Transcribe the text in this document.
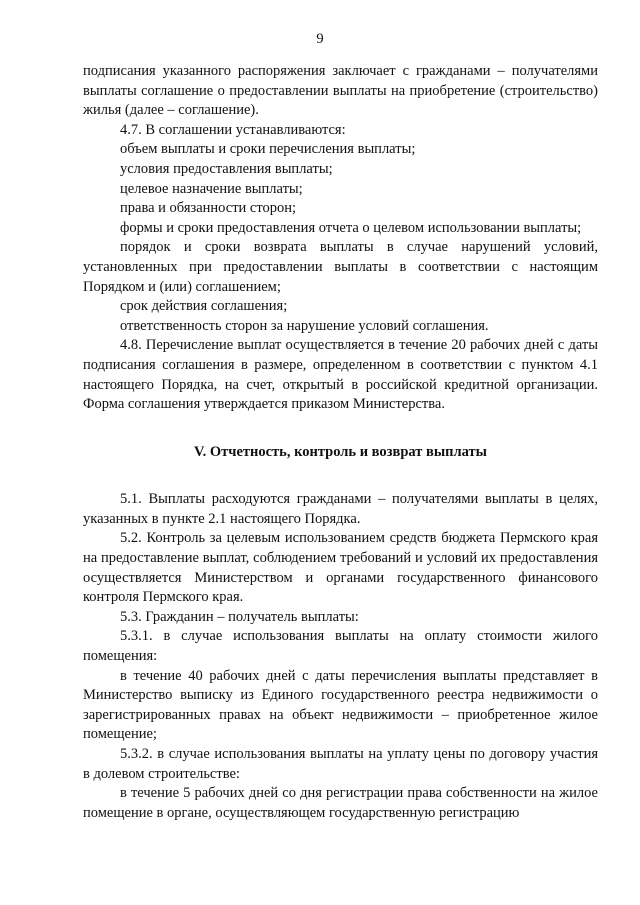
9

подписания указанного распоряжения заключает с гражданами – получателями выплаты соглашение о предоставлении выплаты на приобретение (строительство) жилья (далее – соглашение).

4.7. В соглашении устанавливаются:

объем выплаты и сроки перечисления выплаты;

условия предоставления выплаты;

целевое назначение выплаты;

права и обязанности сторон;

формы и сроки предоставления отчета о целевом использовании выплаты;

порядок и сроки возврата выплаты в случае нарушений условий, установленных при предоставлении выплаты в соответствии с настоящим Порядком и (или) соглашением;

срок действия соглашения;

ответственность сторон за нарушение условий соглашения.

4.8. Перечисление выплат осуществляется в течение 20 рабочих дней с даты подписания соглашения в размере, определенном в соответствии с пунктом 4.1 настоящего Порядка, на счет, открытый в российской кредитной организации. Форма соглашения утверждается приказом Министерства.

V. Отчетность, контроль и возврат выплаты

5.1. Выплаты расходуются гражданами – получателями выплаты в целях, указанных в пункте 2.1 настоящего Порядка.

5.2. Контроль за целевым использованием средств бюджета Пермского края на предоставление выплат, соблюдением требований и условий их предоставления осуществляется Министерством и органами государственного финансового контроля Пермского края.

5.3. Гражданин – получатель выплаты:

5.3.1. в случае использования выплаты на оплату стоимости жилого помещения:

в течение 40 рабочих дней с даты перечисления выплаты представляет в Министерство выписку из Единого государственного реестра недвижимости о зарегистрированных правах на объект недвижимости – приобретенное жилое помещение;

5.3.2. в случае использования выплаты на уплату цены по договору участия в долевом строительстве:

в течение 5 рабочих дней со дня регистрации права собственности на жилое помещение в органе, осуществляющем государственную регистрацию
